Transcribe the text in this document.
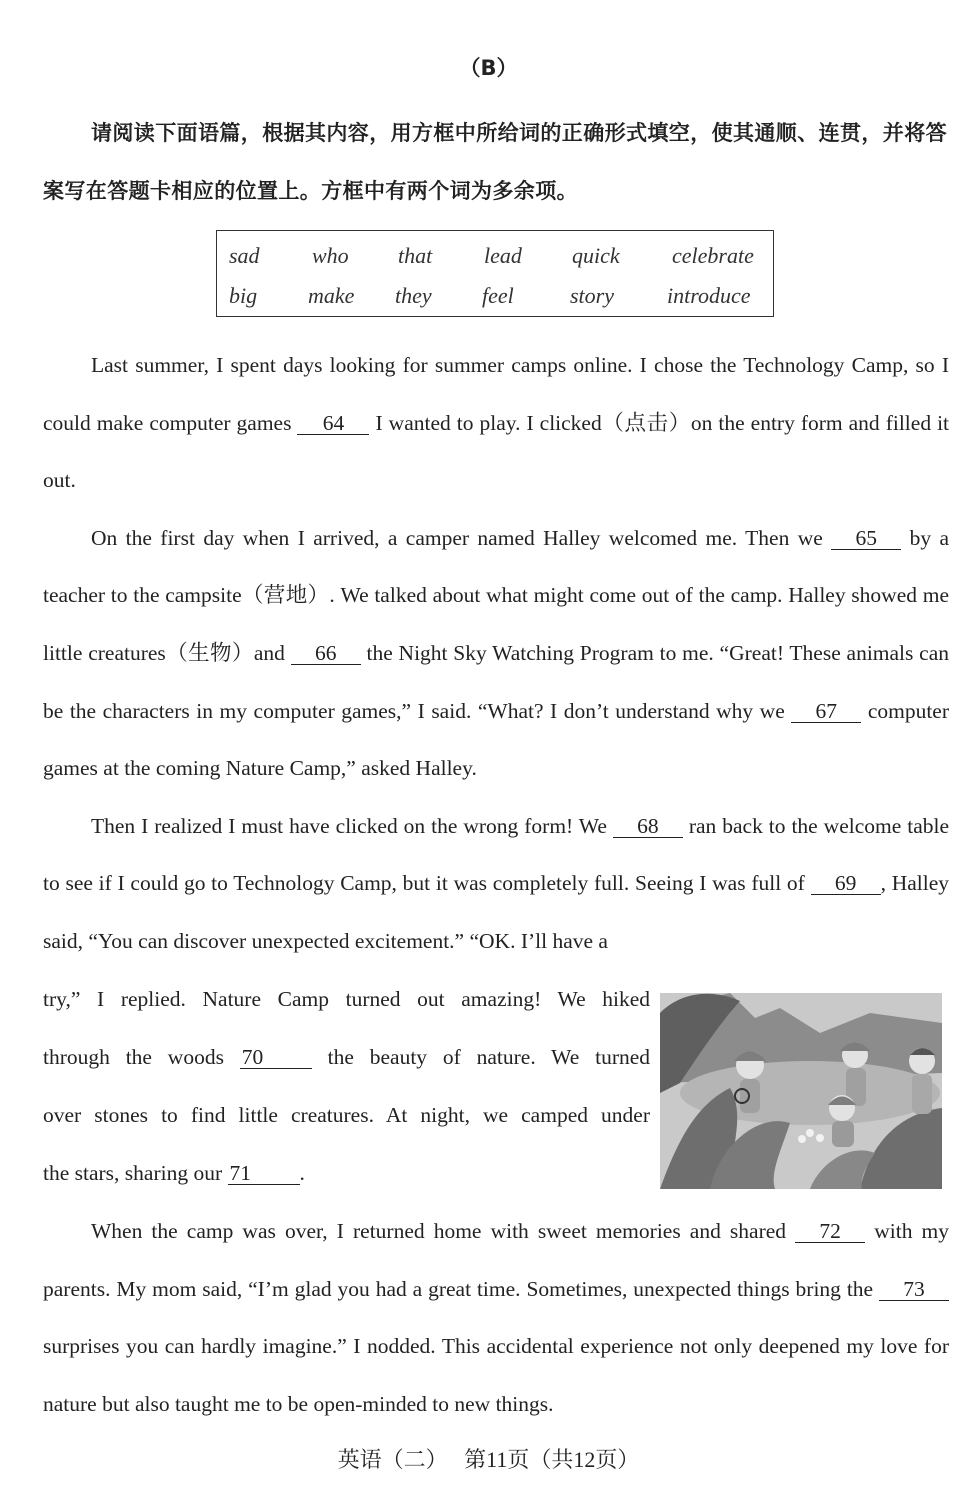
（B）

请阅读下面语篇，根据其内容，用方框中所给词的正确形式填空，使其通顺、连贯，并将答案写在答题卡相应的位置上。方框中有两个词为多余项。

sad who that lead quick celebrate
big make they feel	story introduce

Last summer, I spent days looking for summer camps online. I chose the Technology Camp, so I could make computer games 64 I wanted to play. I clicked（点击）on the entry form and filled it out.

On the first day when I arrived, a camper named Halley welcomed me. Then we 65 by a teacher to the campsite（营地）. We talked about what might come out of the camp. Halley showed me little creatures（生物）and 66 the Night Sky Watching Program to me. “Great! These animals can be the characters in my computer games,” I said. “What? I don’t understand why we 67 computer games at the coming Nature Camp,” asked Halley.

Then I realized I must have clicked on the wrong form! We 68 ran back to the welcome table to see if I could go to Technology Camp, but it was completely full. Seeing I was full of 69 , Halley said, “You can discover unexpected excitement.” “OK. I’ll have a

try,” I replied. Nature Camp turned out amazing! We hiked

through the woods 70	the beauty of nature. We turned

over stones to find little creatures. At night, we camped under

the stars, sharing our 71 .

When the camp was over, I returned home with sweet memories and shared 72 with my parents. My mom said, “I’m glad you had a great time. Sometimes, unexpected things bring the 73 surprises you can hardly imagine.” I nodded. This accidental experience not only deepened my love for nature but also taught me to be open-minded to new things.

英语（二）   第11页（共12页）
